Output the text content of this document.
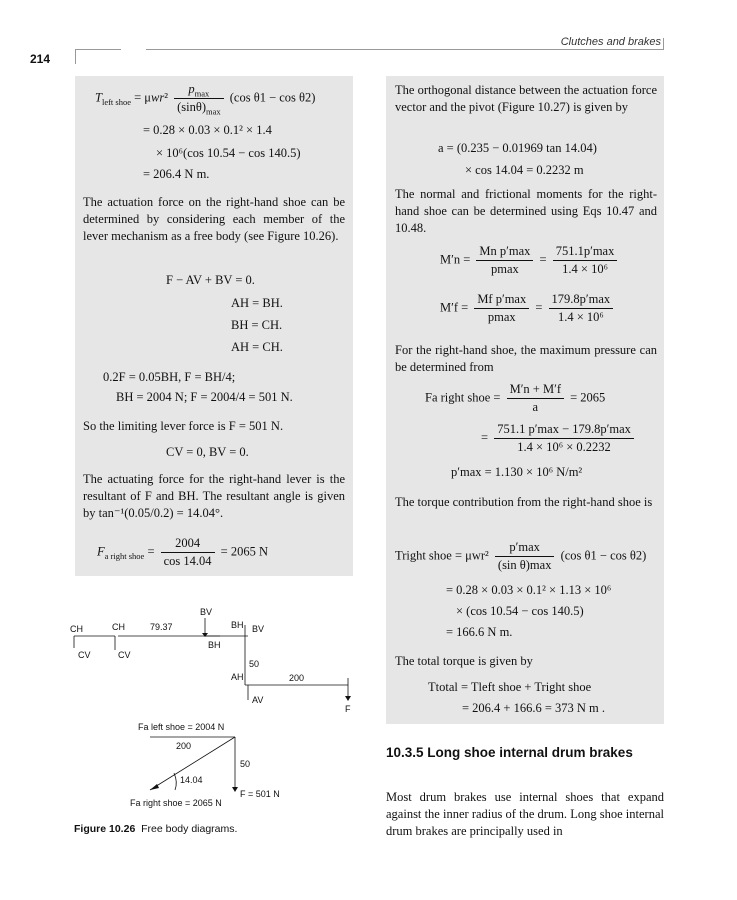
214
Clutches and brakes
$T_{left shoe} = \mu wr^2 \frac{p_{max}}{(\sin\theta)_{max}} (\cos$ θ1 − cos θ2)
= 0.28 × 0.03 × 0.1² × 1.4
× 10⁶(cos 10.54 − cos 140.5)
= 206.4 N m.
The actuation force on the right-hand shoe can be determined by considering each member of the lever mechanism as a free body (see Figure 10.26).
F − AV + BV = 0.
AH = BH.
BH = CH.
AH = CH.
0.2F = 0.05BH, F = BH/4;
BH = 2004 N; F = 2004/4 = 501 N.
So the limiting lever force is F = 501 N.
CV = 0, BV = 0.
The actuating force for the right-hand lever is the resultant of F and BH. The resultant angle is given by tan⁻¹(0.05/0.2) = 14.04°.
$F_{a right shoe} = \frac{2004}{\cos 14.04} = 2065$ N
CH
CV
CH
CV
79.37
BV
BH
BH BV
50
AH
AV
200
F
Fa left shoe = 2004 N
200
50
14.04
Fa right shoe = 2065 N
F = 501 N
Figure 10.26 Free body diagrams.
The orthogonal distance between the actuation force vector and the pivot (Figure 10.27) is given by
a = (0.235 − 0.01969 tan 14.04)
× cos 14.04 = 0.2232 m
The normal and frictional moments for the right-hand shoe can be determined using Eqs 10.47 and 10.48.
$M'n = \frac{\text{Mn p′max}}{pmax} = \frac{751.1p'\max}{\text{1.4 × 10⁶}}$
$M'f = \frac{\text{Mf p′max}}{pmax} = \frac{179.8p'\max}{\text{1.4 × 10⁶}}$
For the right-hand shoe, the maximum pressure can be determined from
Fa right shoe = $\frac{M'n + M'f}{a} = 2065$
= $\frac{751.1 p'\max - 179.8p'\max}{\text{1.4 × 10⁶ × 0.2232}}$
p′max = 1.130 × 10⁶ N/m²
The torque contribution from the right-hand shoe is
Tright shoe = $\mu wr^2 \frac{p'\max}{\text{(sin θ)max}} (\cos$ θ1 − cos θ2)
= 0.28 × 0.03 × 0.1² × 1.13 × 10⁶
× (cos 10.54 − cos 140.5)
= 166.6 N m.
The total torque is given by
Ttotal = Tleft shoe + Tright shoe
= 206.4 + 166.6 = 373 N m .
10.3.5 Long shoe internal drum brakes
Most drum brakes use internal shoes that expand against the inner radius of the drum. Long shoe internal drum brakes are principally used in
